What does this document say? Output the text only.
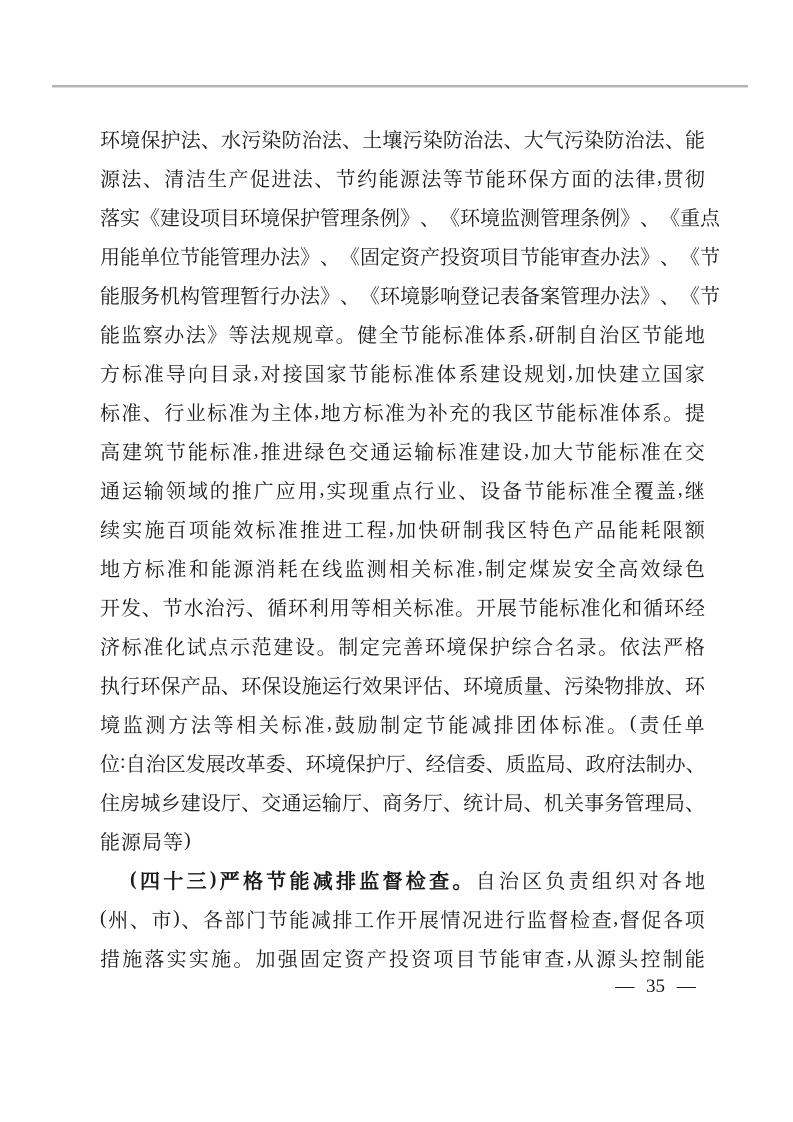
环 境 保 护 法 、 水 污 染 防 治 法 、 土 壤 污 染 防 治 法 、 大 气 污 染 防 治 法 、 能
源 法 、 清 洁 生 产 促 进 法 、 节 约 能 源 法 等 节 能 环 保 方 面 的 法 律 , 贯 彻
落 实 《 建 设 项 目 环 境 保 护 管 理 条 例 》 、 《 环 境 监 测 管 理 条 例 》 、 《 重 点
用 能 单 位 节 能 管 理 办 法 》 、 《 固 定 资 产 投 资 项 目 节 能 审 查 办 法 》 、 《 节
能 服 务 机 构 管 理 暂 行 办 法 》 、 《 环 境 影 响 登 记 表 备 案 管 理 办 法 》 、 《 节
能 监 察 办 法 》 等 法 规 规 章 。 健 全 节 能 标 准 体 系 , 研 制 自 治 区 节 能 地
方 标 准 导 向 目 录 , 对 接 国 家 节 能 标 准 体 系 建 设 规 划 , 加 快 建 立 国 家
标 准 、 行 业 标 准 为 主 体 , 地 方 标 准 为 补 充 的 我 区 节 能 标 准 体 系 。 提
高 建 筑 节 能 标 准 , 推 进 绿 色 交 通 运 输 标 准 建 设 , 加 大 节 能 标 准 在 交
通 运 输 领 域 的 推 广 应 用 , 实 现 重 点 行 业 、 设 备 节 能 标 准 全 覆 盖 , 继
续 实 施 百 项 能 效 标 准 推 进 工 程 , 加 快 研 制 我 区 特 色 产 品 能 耗 限 额
地 方 标 准 和 能 源 消 耗 在 线 监 测 相 关 标 准 , 制 定 煤 炭 安 全 高 效 绿 色
开 发 、 节 水 治 污 、 循 环 利 用 等 相 关 标 准 。 开 展 节 能 标 准 化 和 循 环 经
济 标 准 化 试 点 示 范 建 设 。 制 定 完 善 环 境 保 护 综 合 名 录 。 依 法 严 格
执 行 环 保 产 品 、 环 保 设 施 运 行 效 果 评 估 、 环 境 质 量 、 污 染 物 排 放 、 环
境 监 测 方 法 等 相 关 标 准 , 鼓 励 制 定 节 能 减 排 团 体 标 准 。 ( 责 任 单
位 : 自 治 区 发 展 改 革 委 、 环 境 保 护 厅 、 经 信 委 、 质 监 局 、 政 府 法 制 办 、
住 房 城 乡 建 设 厅 、 交 通 运 输 厅 、 商 务 厅 、 统 计 局 、 机 关 事 务 管 理 局 、
能 源 局 等 )
( 四 十 三 ) 严 格 节 能 减 排 监 督 检 查 。 自 治 区 负 责 组 织 对 各 地
( 州 、 市 ) 、 各 部 门 节 能 减 排 工 作 开 展 情 况 进 行 监 督 检 查 , 督 促 各 项
措 施 落 实 实 施 。 加 强 固 定 资 产 投 资 项 目 节 能 审 查 , 从 源 头 控 制 能
— 35 —
